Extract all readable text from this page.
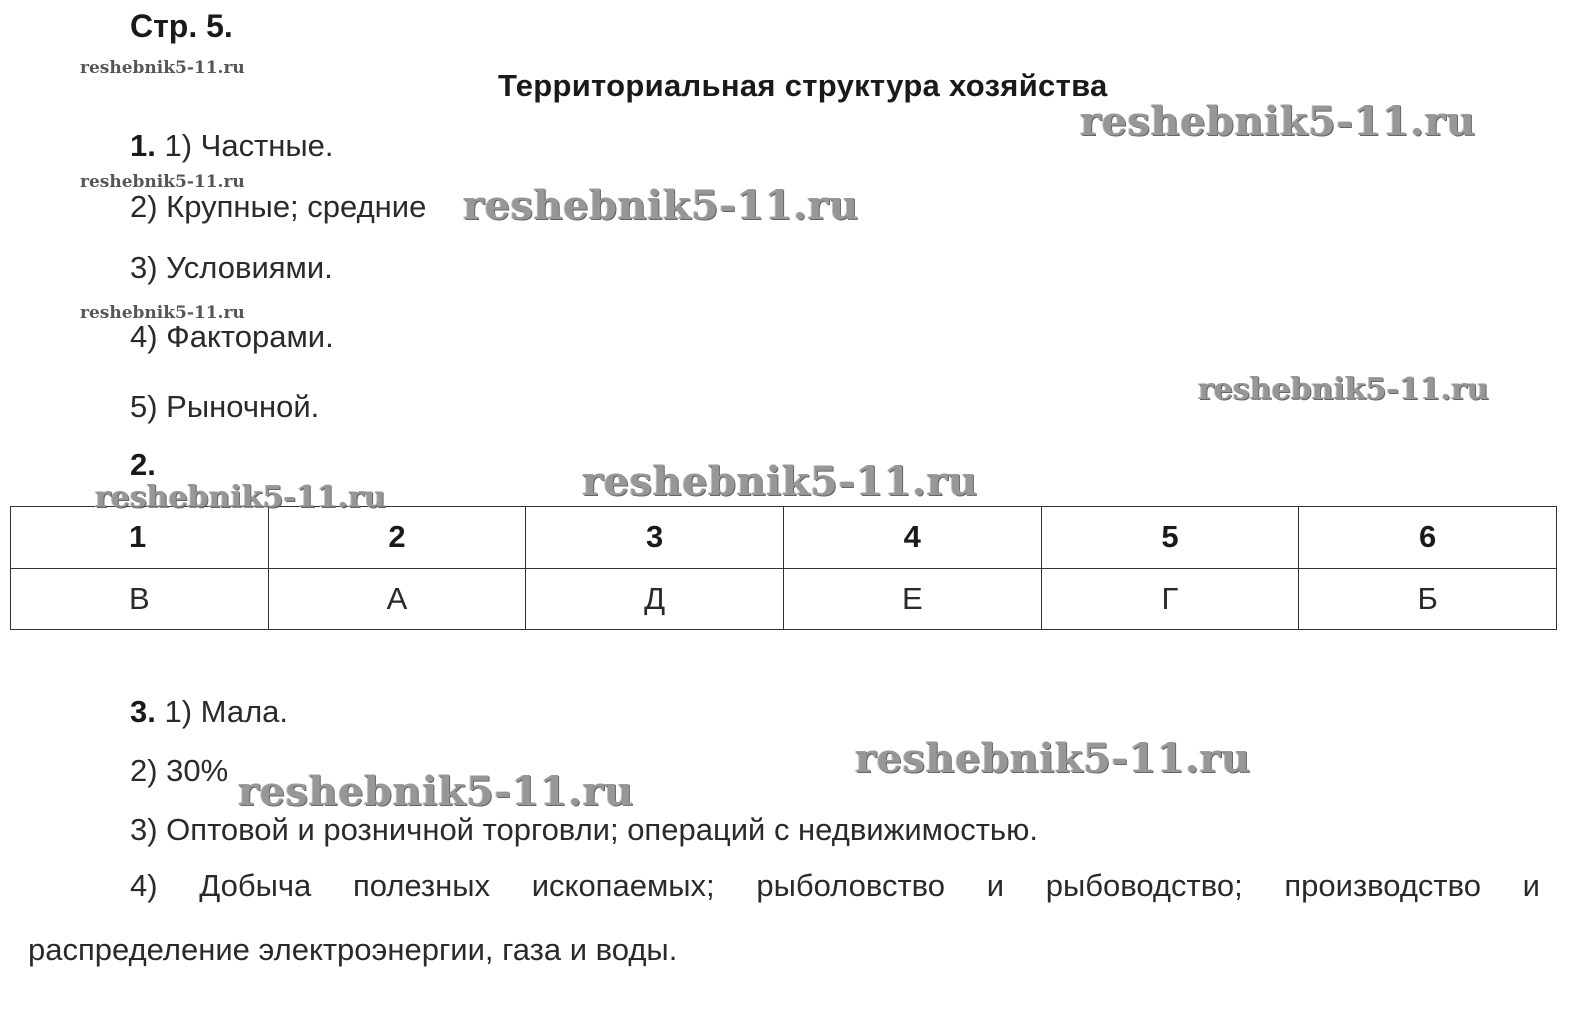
Стр. 5.
Территориальная структура хозяйства
1. 1) Частные.
2) Крупные; средние
3) Условиями.
4) Факторами.
5) Рыночной.
2.
1	2	3	4	5	6
В	А	Д	Е	Г	Б
3. 1) Мала.
2) 30%
3) Оптовой и розничной торговли; операций с недвижимостью.
4) Добыча полезных ископаемых; рыболовство и рыбоводство; производство и
распределение электроэнергии, газа и воды.
reshebnik5-11.ru
reshebnik5-11.ru
reshebnik5-11.ru	reshebnik5-11.ru
reshebnik5-11.ru
reshebnik5-11.ru
reshebnik5-11.ru
reshebnik5-11.ru
reshebnik5-11.ru
reshebnik5-11.ru
